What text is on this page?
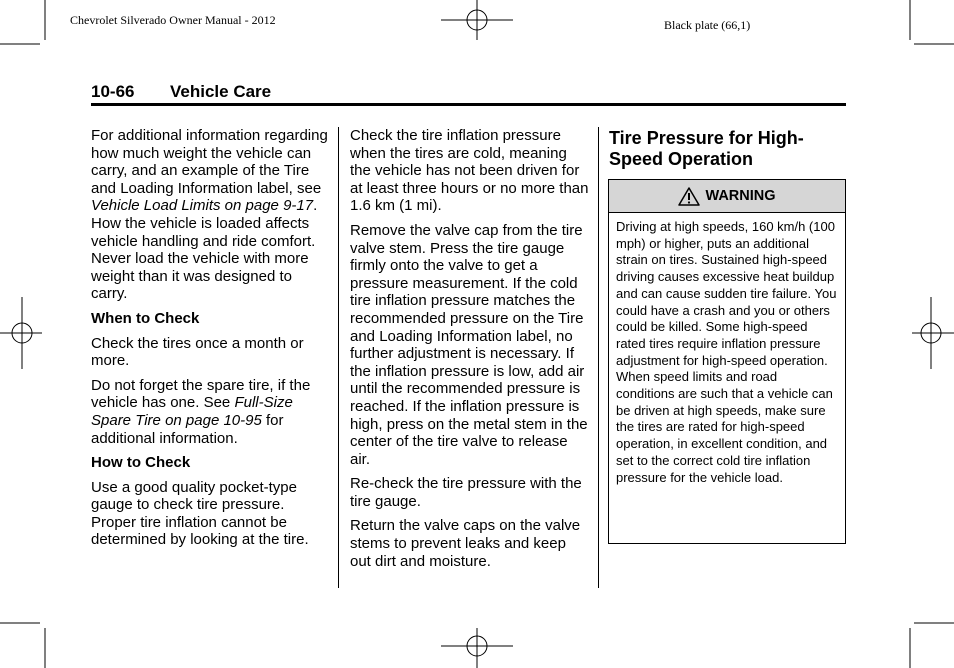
Chevrolet Silverado Owner Manual - 2012	Black plate (66,1)
10-66 Vehicle Care

For additional information regarding how much weight the vehicle can carry, and an example of the Tire and Loading Information label, see Vehicle Load Limits on page 9-17. How the vehicle is loaded affects vehicle handling and ride comfort. Never load the vehicle with more weight than it was designed to carry.

When to Check

Check the tires once a month or more.

Do not forget the spare tire, if the vehicle has one. See Full-Size Spare Tire on page 10-95 for additional information.

How to Check

Use a good quality pocket-type gauge to check tire pressure. Proper tire inflation cannot be determined by looking at the tire.

Check the tire inflation pressure when the tires are cold, meaning the vehicle has not been driven for at least three hours or no more than 1.6 km (1 mi).

Remove the valve cap from the tire valve stem. Press the tire gauge firmly onto the valve to get a pressure measurement. If the cold tire inflation pressure matches the recommended pressure on the Tire and Loading Information label, no further adjustment is necessary. If the inflation pressure is low, add air until the recommended pressure is reached. If the inflation pressure is high, press on the metal stem in the center of the tire valve to release air.

Re-check the tire pressure with the tire gauge.

Return the valve caps on the valve stems to prevent leaks and keep out dirt and moisture.

Tire Pressure for High-Speed Operation
WARNING
Driving at high speeds, 160 km/h (100 mph) or higher, puts an additional strain on tires. Sustained high-speed driving causes excessive heat buildup and can cause sudden tire failure. You could have a crash and you or others could be killed. Some high-speed rated tires require inflation pressure adjustment for high-speed operation. When speed limits and road conditions are such that a vehicle can be driven at high speeds, make sure the tires are rated for high-speed operation, in excellent condition, and set to the correct cold tire inflation pressure for the vehicle load.
